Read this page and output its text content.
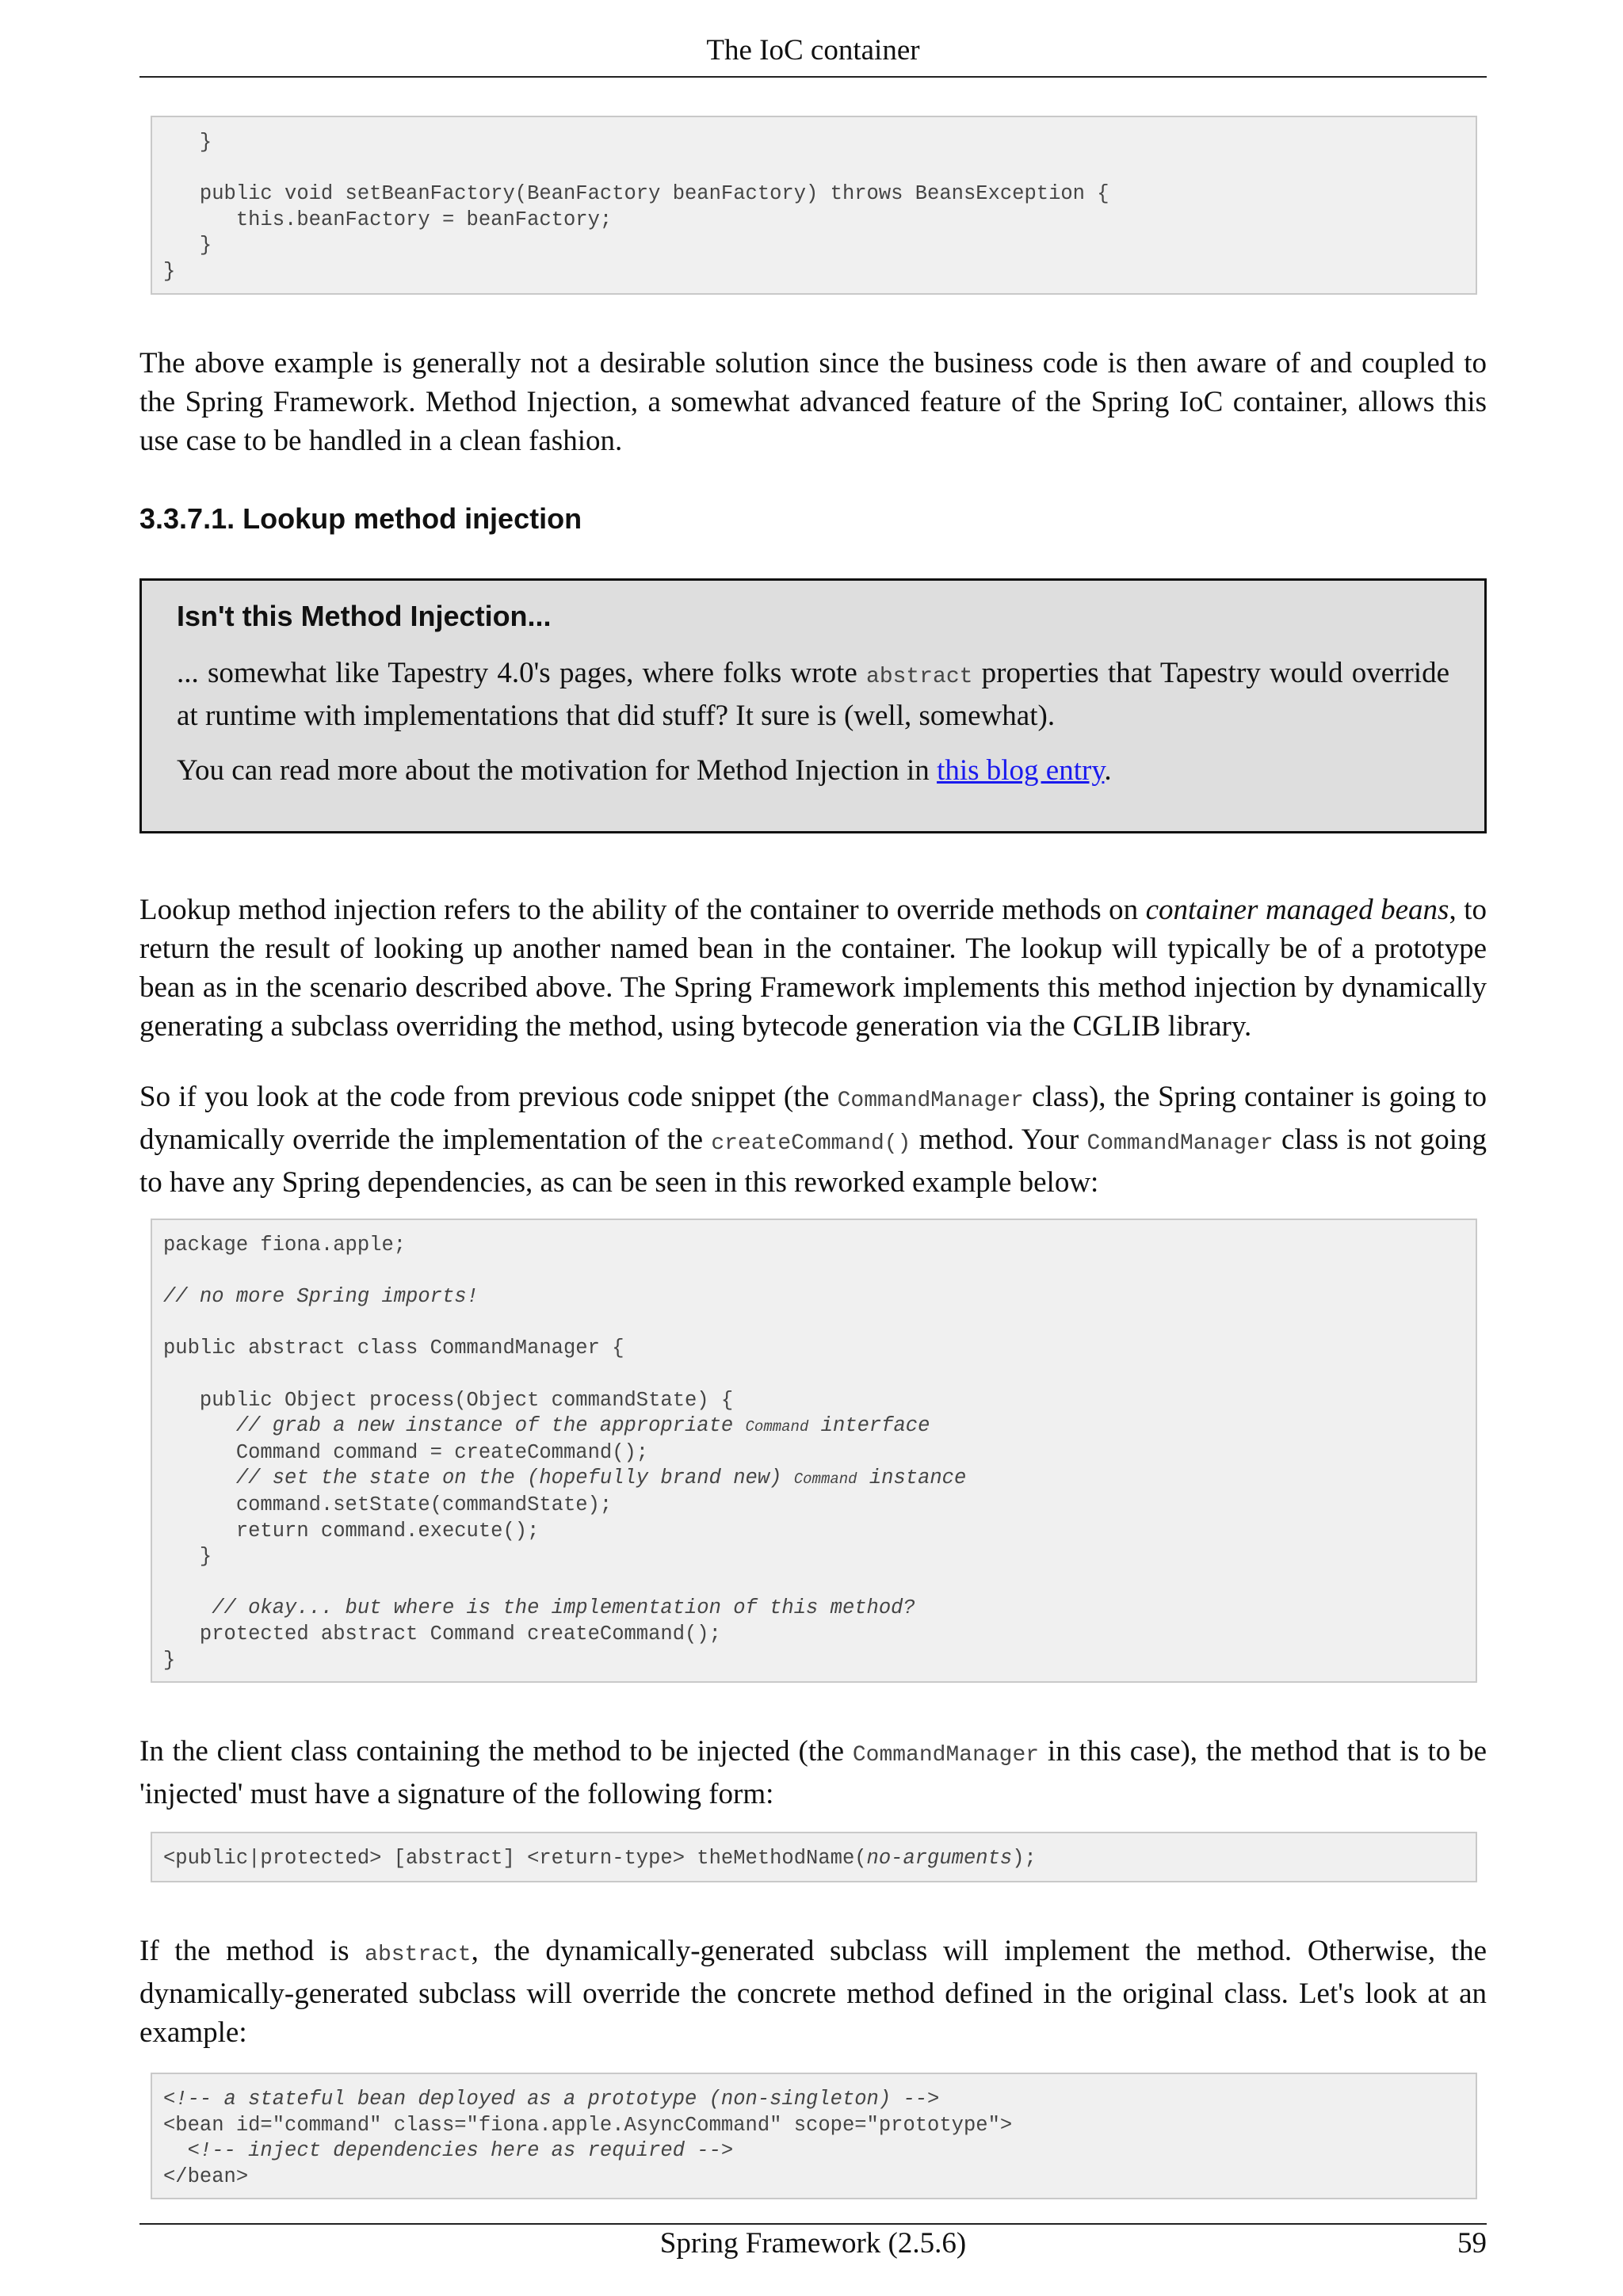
The IoC container
}

public void setBeanFactory(BeanFactory beanFactory) throws BeansException {
this.beanFactory = beanFactory;
}
}

The above example is generally not a desirable solution since the business code is then aware of and coupled to the Spring Framework. Method Injection, a somewhat advanced feature of the Spring IoC container, allows this use case to be handled in a clean fashion.

3.3.7.1. Lookup method injection
Isn't this Method Injection...

... somewhat like Tapestry 4.0's pages, where folks wrote abstract properties that Tapestry would override at runtime with implementations that did stuff? It sure is (well, somewhat).

You can read more about the motivation for Method Injection in this blog entry.

Lookup method injection refers to the ability of the container to override methods on container managed beans, to return the result of looking up another named bean in the container. The lookup will typically be of a prototype bean as in the scenario described above. The Spring Framework implements this method injection by dynamically generating a subclass overriding the method, using bytecode generation via the CGLIB library.

So if you look at the code from previous code snippet (the CommandManager class), the Spring container is going to dynamically override the implementation of the createCommand() method. Your CommandManager class is not going to have any Spring dependencies, as can be seen in this reworked example below:

package fiona.apple;

// no more Spring imports!

public abstract class CommandManager {

public Object process(Object commandState) {
// grab a new instance of the appropriate Command interface
Command command = createCommand();
// set the state on the (hopefully brand new) Command instance
command.setState(commandState);
return command.execute();
}

// okay... but where is the implementation of this method?
protected abstract Command createCommand();
}

In the client class containing the method to be injected (the CommandManager in this case), the method that is to be 'injected' must have a signature of the following form:

<public|protected> [abstract] <return-type> theMethodName(no-arguments);

If the method is abstract, the dynamically-generated subclass will implement the method. Otherwise, the dynamically-generated subclass will override the concrete method defined in the original class. Let's look at an example:

<!-- a stateful bean deployed as a prototype (non-singleton) -->
<bean id="command" class="fiona.apple.AsyncCommand" scope="prototype">
<!-- inject dependencies here as required -->
</bean>
Spring Framework (2.5.6)	59
